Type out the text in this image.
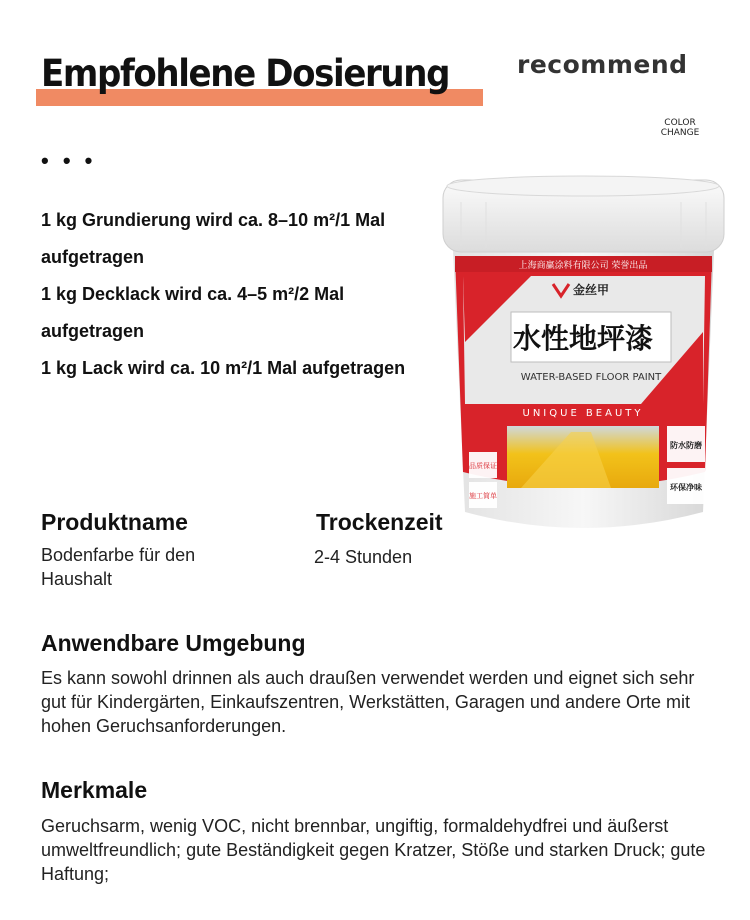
Empfohlene Dosierung	recommend
COLOR
CHANGE
• • •
1 kg Grundierung wird ca. 8–10 m²/1 Mal aufgetragen
1 kg Decklack wird ca. 4–5 m²/2 Mal aufgetragen
1 kg Lack wird ca. 10 m²/1 Mal aufgetragen
上海商赢涂料有限公司 荣誉出品
金丝甲
水性地坪漆
WATER-BASED FLOOR PAINT
UNIQUE BEAUTY
品质保证
施工简单
防水防磨
环保净味
Produktname

Bodenfarbe für den Haushalt

Trockenzeit

2-4 Stunden

Anwendbare Umgebung

Es kann sowohl drinnen als auch draußen verwendet werden und eignet sich sehr gut für Kindergärten, Einkaufszentren, Werkstätten, Garagen und andere Orte mit hohen Geruchsanforderungen.

Merkmale

Geruchsarm, wenig VOC, nicht brennbar, ungiftig, formaldehydfrei und äußerst umweltfreundlich; gute Beständigkeit gegen Kratzer, Stöße und starken Druck; gute Haftung;
